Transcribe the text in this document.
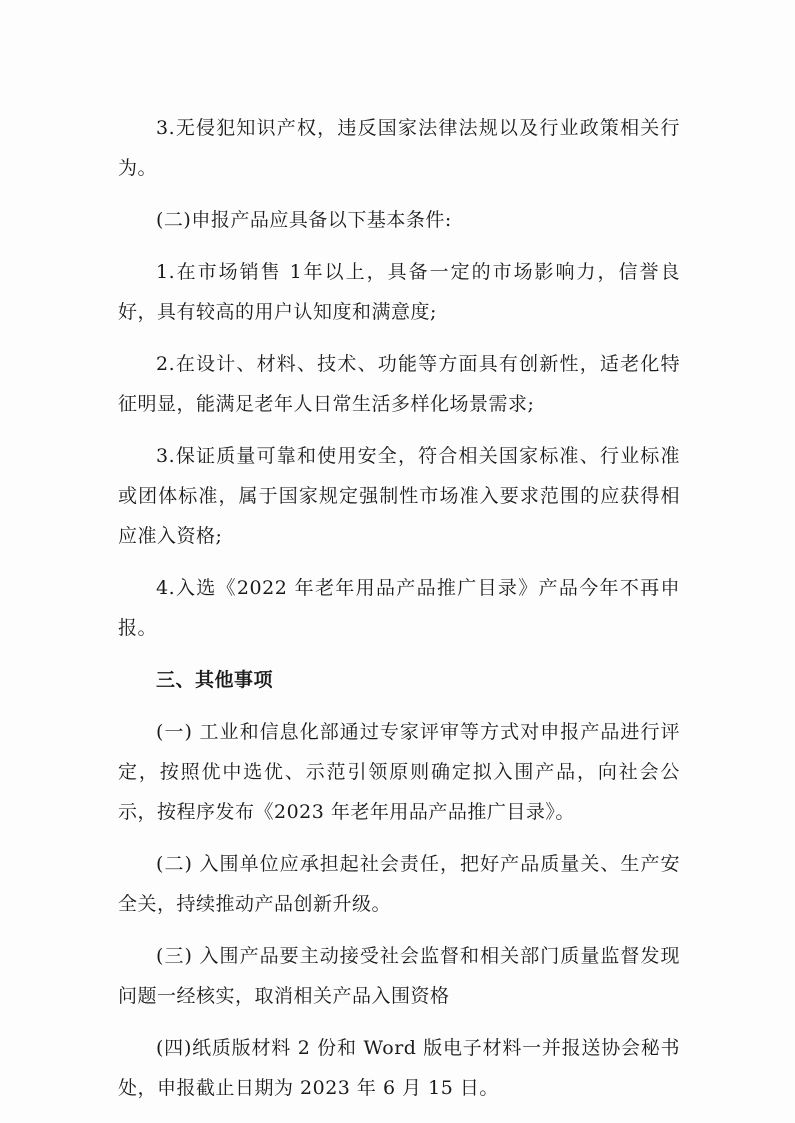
3.无侵犯知识产权，违反国家法律法规以及行业政策相关行为。

(二)申报产品应具备以下基本条件:

1.在市场销售 1年以上，具备一定的市场影响力，信誉良好，具有较高的用户认知度和满意度;

2.在设计、材料、技术、功能等方面具有创新性，适老化特征明显，能满足老年人日常生活多样化场景需求;

3.保证质量可靠和使用安全，符合相关国家标准、行业标准或团体标准，属于国家规定强制性市场准入要求范围的应获得相应准入资格;

4.入选《2022 年老年用品产品推广目录》产品今年不再申报。

三、其他事项

(一) 工业和信息化部通过专家评审等方式对申报产品进行评定，按照优中选优、示范引领原则确定拟入围产品，向社会公示，按程序发布《2023 年老年用品产品推广目录》。

(二) 入围单位应承担起社会责任，把好产品质量关、生产安全关，持续推动产品创新升级。

(三) 入围产品要主动接受社会监督和相关部门质量监督发现问题一经核实，取消相关产品入围资格

(四)纸质版材料 2 份和 Word 版电子材料一并报送协会秘书处，申报截止日期为 2023 年 6 月 15 日。
